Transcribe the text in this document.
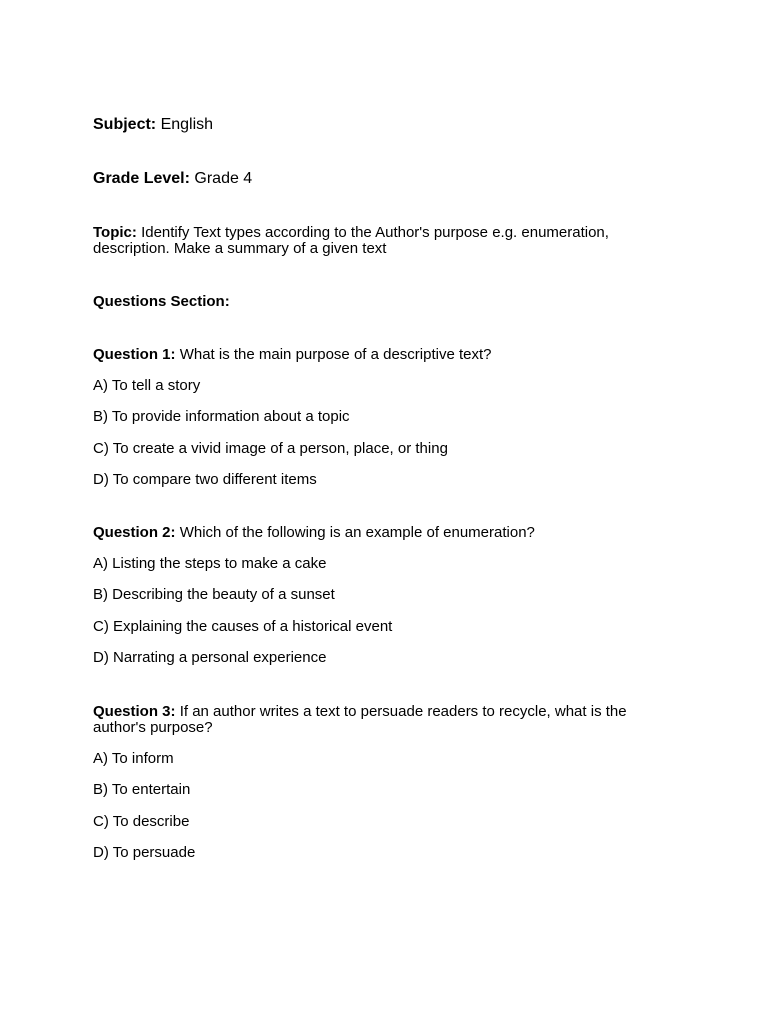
Subject: English
Grade Level: Grade 4
Topic: Identify Text types according to the Author's purpose e.g. enumeration, description. Make a summary of a given text
Questions Section:
Question 1: What is the main purpose of a descriptive text?
A) To tell a story
B) To provide information about a topic
C) To create a vivid image of a person, place, or thing
D) To compare two different items
Question 2: Which of the following is an example of enumeration?
A) Listing the steps to make a cake
B) Describing the beauty of a sunset
C) Explaining the causes of a historical event
D) Narrating a personal experience
Question 3: If an author writes a text to persuade readers to recycle, what is the author's purpose?
A) To inform
B) To entertain
C) To describe
D) To persuade
